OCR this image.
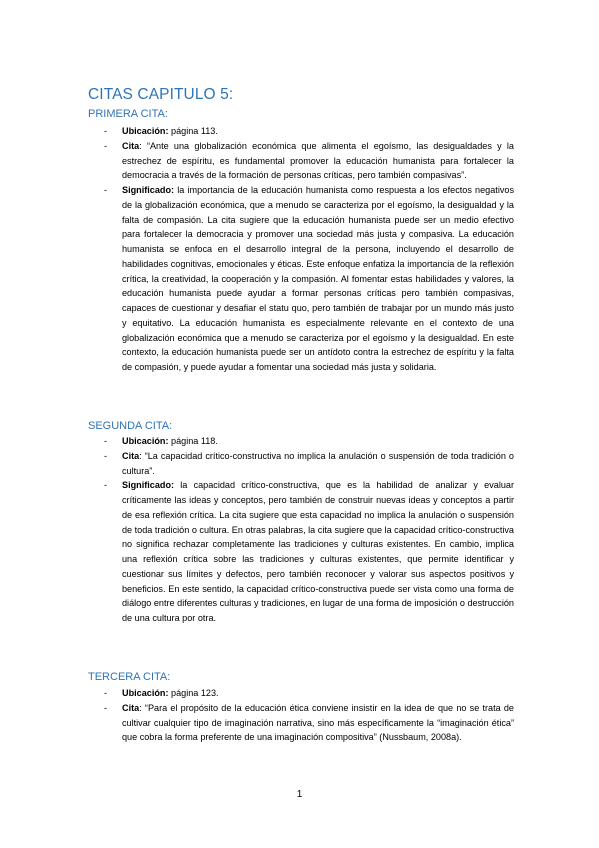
CITAS CAPITULO 5:
PRIMERA CITA:
- Ubicación: página 113.
- Cita: “Ante una globalización económica que alimenta el egoísmo, las desigualdades y la estrechez de espíritu, es fundamental promover la educación humanista para fortalecer la democracia a través de la formación de personas críticas, pero también compasivas”.
- Significado: la importancia de la educación humanista como respuesta a los efectos negativos de la globalización económica, que a menudo se caracteriza por el egoísmo, la desigualdad y la falta de compasión. La cita sugiere que la educación humanista puede ser un medio efectivo para fortalecer la democracia y promover una sociedad más justa y compasiva. La educación humanista se enfoca en el desarrollo integral de la persona, incluyendo el desarrollo de habilidades cognitivas, emocionales y éticas. Este enfoque enfatiza la importancia de la reflexión crítica, la creatividad, la cooperación y la compasión. Al fomentar estas habilidades y valores, la educación humanista puede ayudar a formar personas críticas pero también compasivas, capaces de cuestionar y desafiar el statu quo, pero también de trabajar por un mundo más justo y equitativo. La educación humanista es especialmente relevante en el contexto de una globalización económica que a menudo se caracteriza por el egoísmo y la desigualdad. En este contexto, la educación humanista puede ser un antídoto contra la estrechez de espíritu y la falta de compasión, y puede ayudar a fomentar una sociedad más justa y solidaria.
SEGUNDA CITA:
- Ubicación: página 118.
- Cita: “La capacidad crítico-constructiva no implica la anulación o suspensión de toda tradición o cultura”.
- Significado: la capacidad crítico-constructiva, que es la habilidad de analizar y evaluar críticamente las ideas y conceptos, pero también de construir nuevas ideas y conceptos a partir de esa reflexión crítica. La cita sugiere que esta capacidad no implica la anulación o suspensión de toda tradición o cultura. En otras palabras, la cita sugiere que la capacidad crítico-constructiva no significa rechazar completamente las tradiciones y culturas existentes. En cambio, implica una reflexión crítica sobre las tradiciones y culturas existentes, que permite identificar y cuestionar sus límites y defectos, pero también reconocer y valorar sus aspectos positivos y beneficios. En este sentido, la capacidad crítico-constructiva puede ser vista como una forma de diálogo entre diferentes culturas y tradiciones, en lugar de una forma de imposición o destrucción de una cultura por otra.
TERCERA CITA:
- Ubicación: página 123.
- Cita: “Para el propósito de la educación ética conviene insistir en la idea de que no se trata de cultivar cualquier tipo de imaginación narrativa, sino más específicamente la “imaginación ética” que cobra la forma preferente de una imaginación compositiva” (Nussbaum, 2008a).
1
